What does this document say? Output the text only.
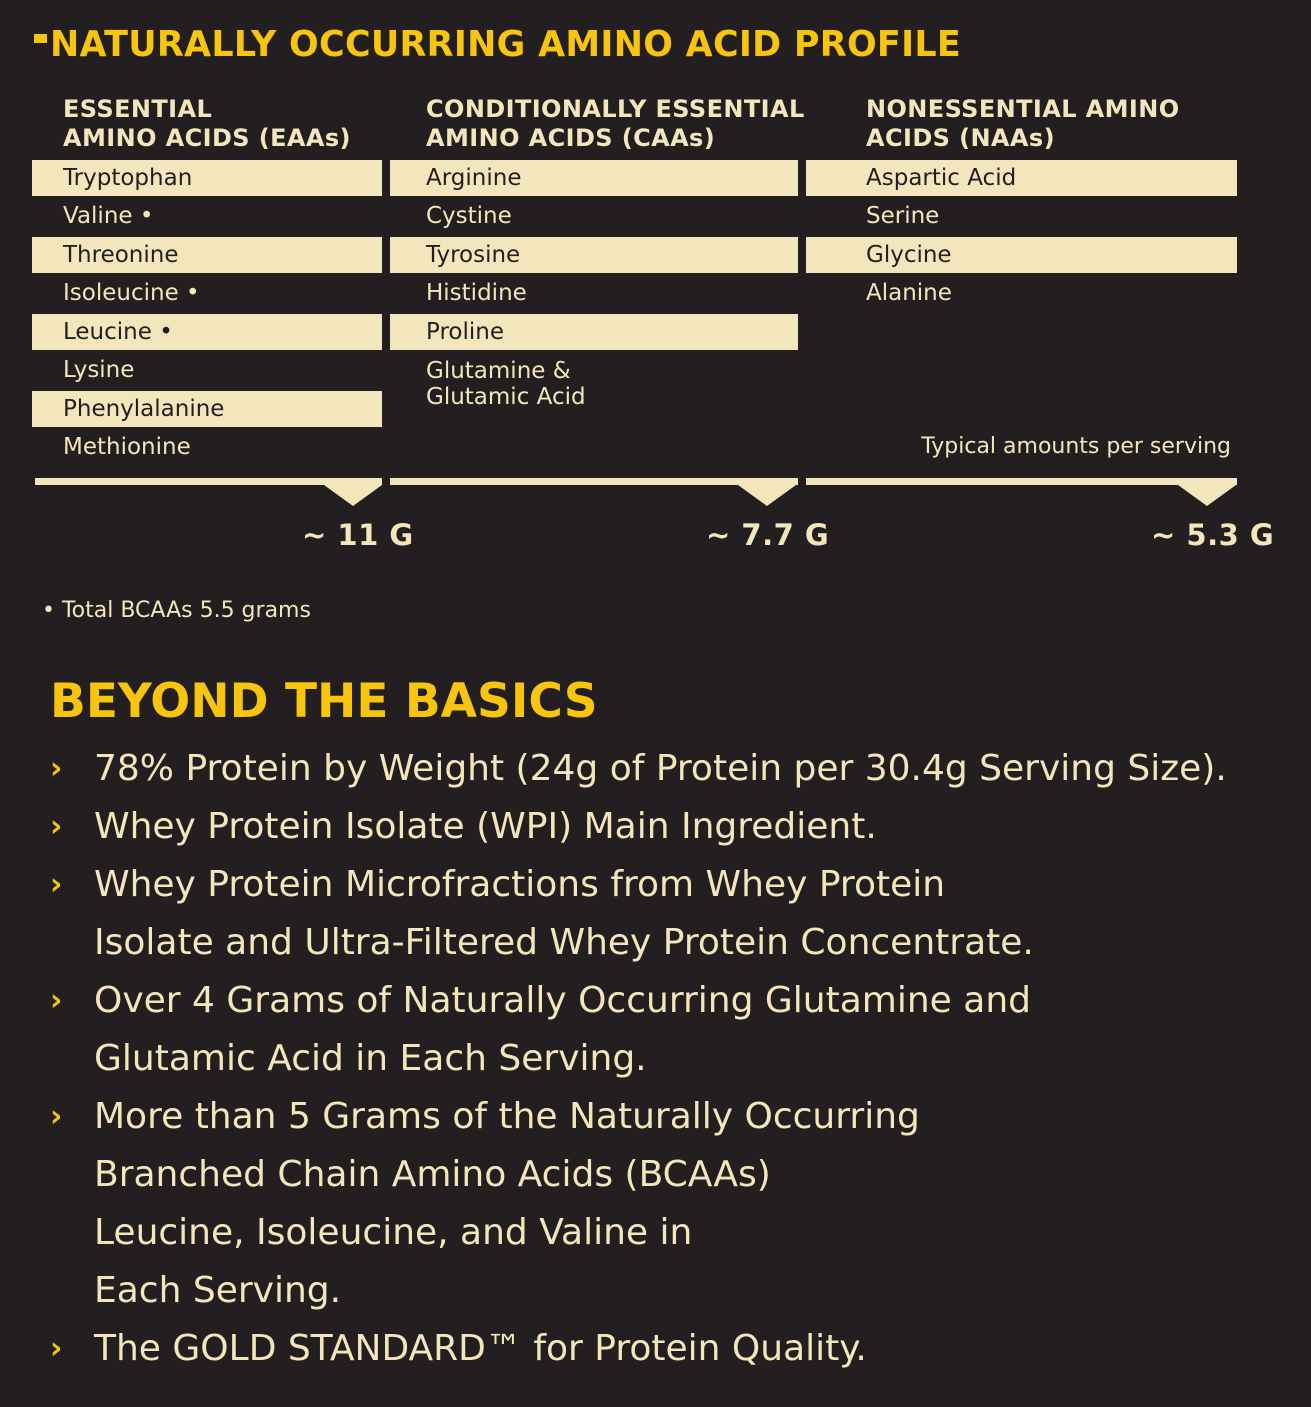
NATURALLY OCCURRING AMINO ACID PROFILE
ESSENTIAL
AMINO ACIDS (EAAs)
Tryptophan
Valine •
Threonine
Isoleucine •
Leucine •
Lysine
Phenylalanine
Methionine
CONDITIONALLY ESSENTIAL
AMINO ACIDS (CAAs)
Arginine
Cystine
Tyrosine
Histidine
Proline
Glutamine &
Glutamic Acid
NONESSENTIAL AMINO
ACIDS (NAAs)
Aspartic Acid
Serine
Glycine
Alanine
Typical amounts per serving
~ 11 G	~ 7.7 G	~ 5.3 G
• Total BCAAs 5.5 grams
BEYOND THE BASICS
› 78% Protein by Weight (24g of Protein per 30.4g Serving Size).
› Whey Protein Isolate (WPI) Main Ingredient.
› Whey Protein Microfractions from Whey Protein
Isolate and Ultra-Filtered Whey Protein Concentrate.
› Over 4 Grams of Naturally Occurring Glutamine and
Glutamic Acid in Each Serving.
› More than 5 Grams of the Naturally Occurring
Branched Chain Amino Acids (BCAAs)
Leucine, Isoleucine, and Valine in
Each Serving.
› The GOLD STANDARD™ for Protein Quality.
